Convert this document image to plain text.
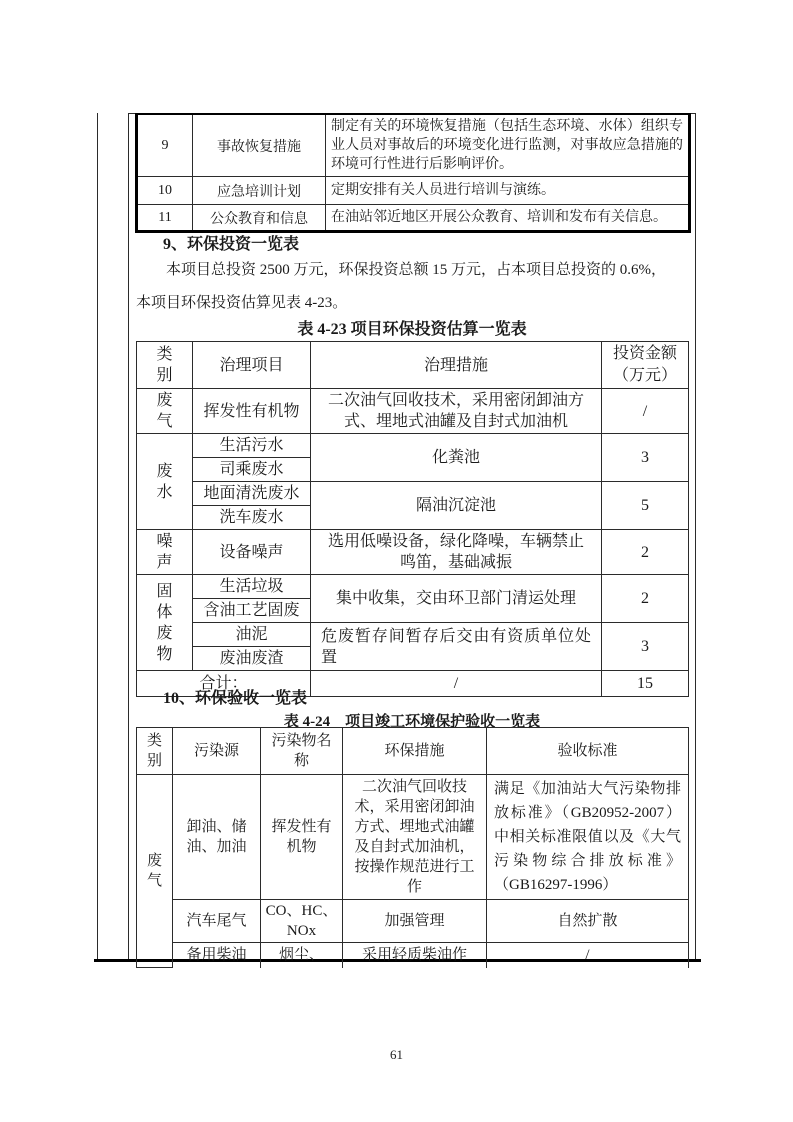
9	事故恢复措施	制定有关的环境恢复措施（包括生态环境、水体）组织专业人员对事故后的环境变化进行监测，对事故应急措施的环境可行性进行后影响评价。
10	应急培训计划	定期安排有关人员进行培训与演练。
11	公众教育和信息	在油站邻近地区开展公众教育、培训和发布有关信息。
9、环保投资一览表
本项目总投资 2500 万元，环保投资总额 15 万元，占本项目总投资的 0.6%，
本项目环保投资估算见表 4-23。
表 4-23 项目环保投资估算一览表
类别	治理项目	治理措施	投资金额
（万元）

废气	挥发性有机物	二次油气回收技术，采用密闭卸油方式、埋地式油罐及自封式加油机	/
废水	生活污水	化粪池	3
	司乘废水		
	地面清洗废水	隔油沉淀池	5
	洗车废水		
噪声	设备噪声	选用低噪设备，绿化降噪，车辆禁止鸣笛，基础减振	2
固体废物	生活垃圾	集中收集，交由环卫部门清运处理	2
	含油工艺固废		
	油泥	危废暂存间暂存后交由有资质单位处置	3
	废油废渣		
合计：		/	15
10、环保验收一览表
表 4-24　项目竣工环境保护验收一览表
类别	污染源	污染物名称	环保措施	验收标准
废气	卸油、储油、加油	挥发性有机物	二次油气回收技术，采用密闭卸油方式、埋地式油罐及自封式加油机，按操作规范进行工作	满足《加油站大气污染物排放标准》（GB20952-2007）中相关标准限值以及《大气污染物综合排放标准》（GB16297-1996）
	汽车尾气	CO、HC、NOx	加强管理	自然扩散
	备用柴油	烟尘、	采用轻质柴油作	/
61
